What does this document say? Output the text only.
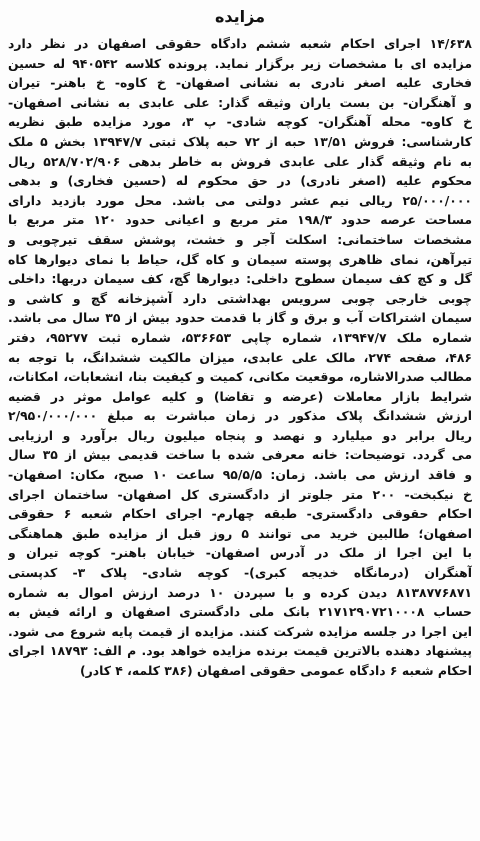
مزایده
۱۴/۶۳۸ اجرای احکام شعبه ششم دادگاه حقوقی اصفهان در نظر دارد
مزایده ای با مشخصات زیر برگزار نماید. پرونده کلاسه ۹۴۰۵۴۲ له حسین
فخاری علیه اصغر نادری به نشانی اصفهان- خ کاوه- خ باهنر- تیران
و آهنگران- بن بست یاران وثیقه گذار: علی عابدی به نشانی اصفهان-
خ کاوه- محله آهنگران- کوچه شادی- پ ۳، مورد مزایده طبق نظریه
کارشناسی: فروش ۱۳/۵۱ حبه از ۷۲ حبه پلاک ثبتی ۱۳۹۴۷/۷ بخش ۵ ملک
به نام وثیقه گذار علی عابدی فروش به خاطر بدهی ۵۲۸/۷۰۲/۹۰۶ ریال
محکوم علیه (اصغر نادری) در حق محکوم له (حسین فخاری) و بدهی
۲۵/۰۰۰/۰۰۰ ریالی نیم عشر دولتی می باشد. محل مورد بازدید دارای
مساحت عرصه حدود ۱۹۸/۳ متر مربع و اعیانی حدود ۱۲۰ متر مربع با
مشخصات ساختمانی: اسکلت آجر و خشت، پوشش سقف تیرچوبی و
تیرآهن، نمای ظاهری پوسته سیمان و کاه گل، حیاط با نمای دیوارها کاه
گل و کچ کف سیمان سطوح داخلی: دیوارها گچ، کف سیمان دربها: داخلی
چوبی خارجی چوبی سرویس بهداشتی دارد آشپزخانه گچ و کاشی و
سیمان اشتراکات آب و برق و گاز با قدمت حدود بیش از ۳۵ سال می باشد.
شماره ملک ۱۳۹۴۷/۷، شماره چاپی ۵۳۶۶۵۳، شماره ثبت ۹۵۲۷۷، دفتر
۴۸۶، صفحه ۲۷۴، مالک علی عابدی، میزان مالکیت ششدانگ، با توجه به
مطالب صدرالاشاره، موقعیت مکانی، کمیت و کیفیت بنا، انشعابات، امکانات،
شرایط بازار معاملات (عرضه و تقاضا) و کلیه عوامل موثر در قضیه
ارزش ششدانگ پلاک مذکور در زمان مباشرت به مبلغ ۲/۹۵۰/۰۰۰/۰۰۰
ریال برابر دو میلیارد و نهصد و پنجاه میلیون ریال برآورد و ارزیابی
می گردد. توضیحات: خانه معرفی شده با ساخت قدیمی بیش از ۳۵ سال
و فاقد ارزش می باشد. زمان: ۹۵/۵/۵ ساعت ۱۰ صبح، مکان: اصفهان-
خ نیکبخت- ۲۰۰ متر جلوتر از دادگستری کل اصفهان- ساختمان اجرای
احکام حقوقی دادگستری- طبقه چهارم- اجرای احکام شعبه ۶ حقوقی
اصفهان؛ طالبین خرید می توانند ۵ روز قبل از مزایده طبق هماهنگی
با این اجرا از ملک در آدرس اصفهان- خیابان باهنر- کوچه تیران و
آهنگران (درمانگاه خدیجه کبری)- کوچه شادی- پلاک ۳- کدپستی
۸۱۳۸۷۷۶۸۷۱ دیدن کرده و با سپردن ۱۰ درصد ارزش اموال به شماره
حساب ۲۱۷۱۲۹۰۷۲۱۰۰۰۸ بانک ملی دادگستری اصفهان و ارائه فیش به
این اجرا در جلسه مزایده شرکت کنند. مزایده از قیمت پایه شروع می شود.
پیشنهاد دهنده بالاترین قیمت برنده مزایده خواهد بود. م الف: ۱۸۷۹۳ اجرای
احکام شعبه ۶ دادگاه عمومی حقوقی اصفهان (۳۸۶ کلمه، ۴ کادر)
